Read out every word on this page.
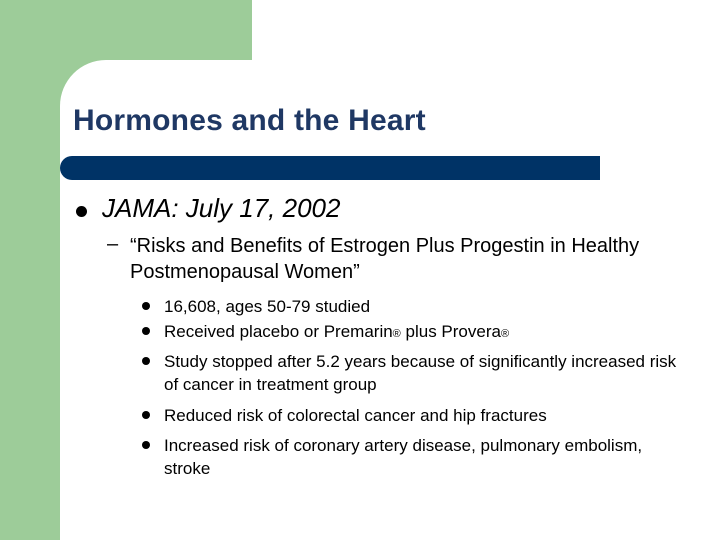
Hormones and the Heart
JAMA: July 17, 2002
– “Risks and Benefits of Estrogen Plus Progestin in Healthy Postmenopausal Women”
16,608, ages 50-79 studied
Received placebo or Premarin® plus Provera®
Study stopped after 5.2 years because of significantly increased risk of cancer in treatment group
Reduced risk of colorectal cancer and hip fractures
Increased risk of coronary artery disease, pulmonary embolism, stroke
